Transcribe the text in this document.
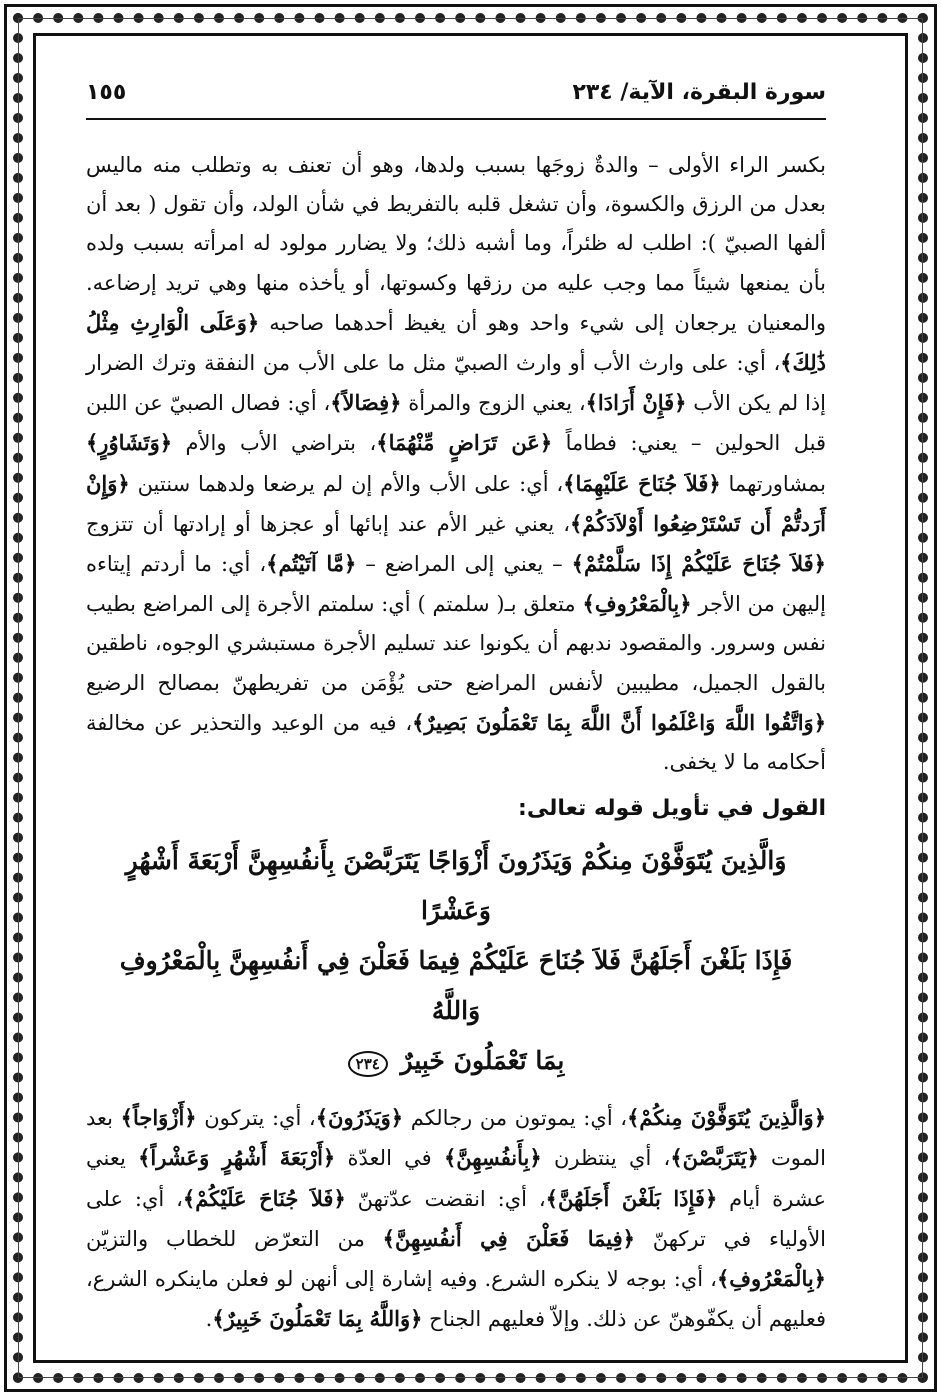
سورة البقرة، الآية/ ٢٣٤
١٥٥
بكسر الراء الأولى – والدةٌ زوجَها بسبب ولدها، وهو أن تعنف به وتطلب منه ماليس بعدل من الرزق والكسوة، وأن تشغل قلبه بالتفريط في شأن الولد، وأن تقول ( بعد أن ألفها الصبيّ ): اطلب له ظئراً، وما أشبه ذلك؛ ولا يضارر مولود له امرأته بسبب ولده بأن يمنعها شيئاً مما وجب عليه من رزقها وكسوتها، أو يأخذه منها وهي تريد إرضاعه. والمعنيان يرجعان إلى شيء واحد وهو أن يغيظ أحدهما صاحبه ﴿وَعَلَى الْوَارِثِ مِثْلُ ذَٰلِكَ﴾، أي: على وارث الأب أو وارث الصبيّ مثل ما على الأب من النفقة وترك الضرار إذا لم يكن الأب ﴿فَإِنْ أَرَادَا﴾، يعني الزوج والمرأة ﴿فِصَالاً﴾، أي: فصال الصبيّ عن اللبن قبل الحولين – يعني: فطاماً ﴿عَن تَرَاضٍ مِّنْهُمَا﴾، بتراضي الأب والأم ﴿وَتَشَاوُرٍ﴾ بمشاورتهما ﴿فَلاَ جُنَاحَ عَلَيْهِمَا﴾، أي: على الأب والأم إن لم يرضعا ولدهما سنتين ﴿وَإِنْ أَرَدتُّمْ أَن تَسْتَرْضِعُوا أَوْلاَدَكُمْ﴾، يعني غير الأم عند إبائها أو عجزها أو إرادتها أن تتزوج ﴿فَلاَ جُنَاحَ عَلَيْكُمْ إِذَا سَلَّمْتُمْ﴾ – يعني إلى المراضع – ﴿مَّا آتَيْتُم﴾، أي: ما أردتم إيتاءه إليهن من الأجر ﴿بِالْمَعْرُوفِ﴾ متعلق بـ( سلمتم ) أي: سلمتم الأجرة إلى المراضع بطيب نفس وسرور. والمقصود ندبهم أن يكونوا عند تسليم الأجرة مستبشري الوجوه، ناطقين بالقول الجميل، مطيبين لأنفس المراضع حتى يُؤْمَن من تفريطهنّ بمصالح الرضيع ﴿وَاتَّقُوا اللَّهَ وَاعْلَمُوا أَنَّ اللَّهَ بِمَا تَعْمَلُونَ بَصِيرٌ﴾، فيه من الوعيد والتحذير عن مخالفة أحكامه ما لا يخفى.
القول في تأويل قوله تعالى:
وَالَّذِينَ يُتَوَفَّوْنَ مِنكُمْ وَيَذَرُونَ أَزْوَاجًا يَتَرَبَّصْنَ بِأَنفُسِهِنَّ أَرْبَعَةَ أَشْهُرٍ وَعَشْرًا
فَإِذَا بَلَغْنَ أَجَلَهُنَّ فَلاَ جُنَاحَ عَلَيْكُمْ فِيمَا فَعَلْنَ فِي أَنفُسِهِنَّ بِالْمَعْرُوفِ وَاللَّهُ
بِمَا تَعْمَلُونَ خَبِيرٌ ٢٣٤
﴿وَالَّذِينَ يُتَوَفَّوْنَ مِنكُمْ﴾، أي: يموتون من رجالكم ﴿وَيَذَرُونَ﴾، أي: يتركون ﴿أَزْوَاجاً﴾ بعد الموت ﴿يَتَرَبَّصْنَ﴾، أي ينتظرن ﴿بِأَنفُسِهِنَّ﴾ في العدّة ﴿أَرْبَعَةَ أَشْهُرٍ وَعَشْراً﴾ يعني عشرة أيام ﴿فَإِذَا بَلَغْنَ أَجَلَهُنَّ﴾، أي: انقضت عدّتهنّ ﴿فَلاَ جُنَاحَ عَلَيْكُمْ﴾، أي: على الأولياء في تركهنّ ﴿فِيمَا فَعَلْنَ فِي أَنفُسِهِنَّ﴾ من التعرّض للخطاب والتزيّن ﴿بِالْمَعْرُوفِ﴾، أي: بوجه لا ينكره الشرع. وفيه إشارة إلى أنهن لو فعلن ماينكره الشرع، فعليهم أن يكفّوهنّ عن ذلك. وإلاّ فعليهم الجناح ﴿وَاللَّهُ بِمَا تَعْمَلُونَ خَبِيرٌ﴾.
